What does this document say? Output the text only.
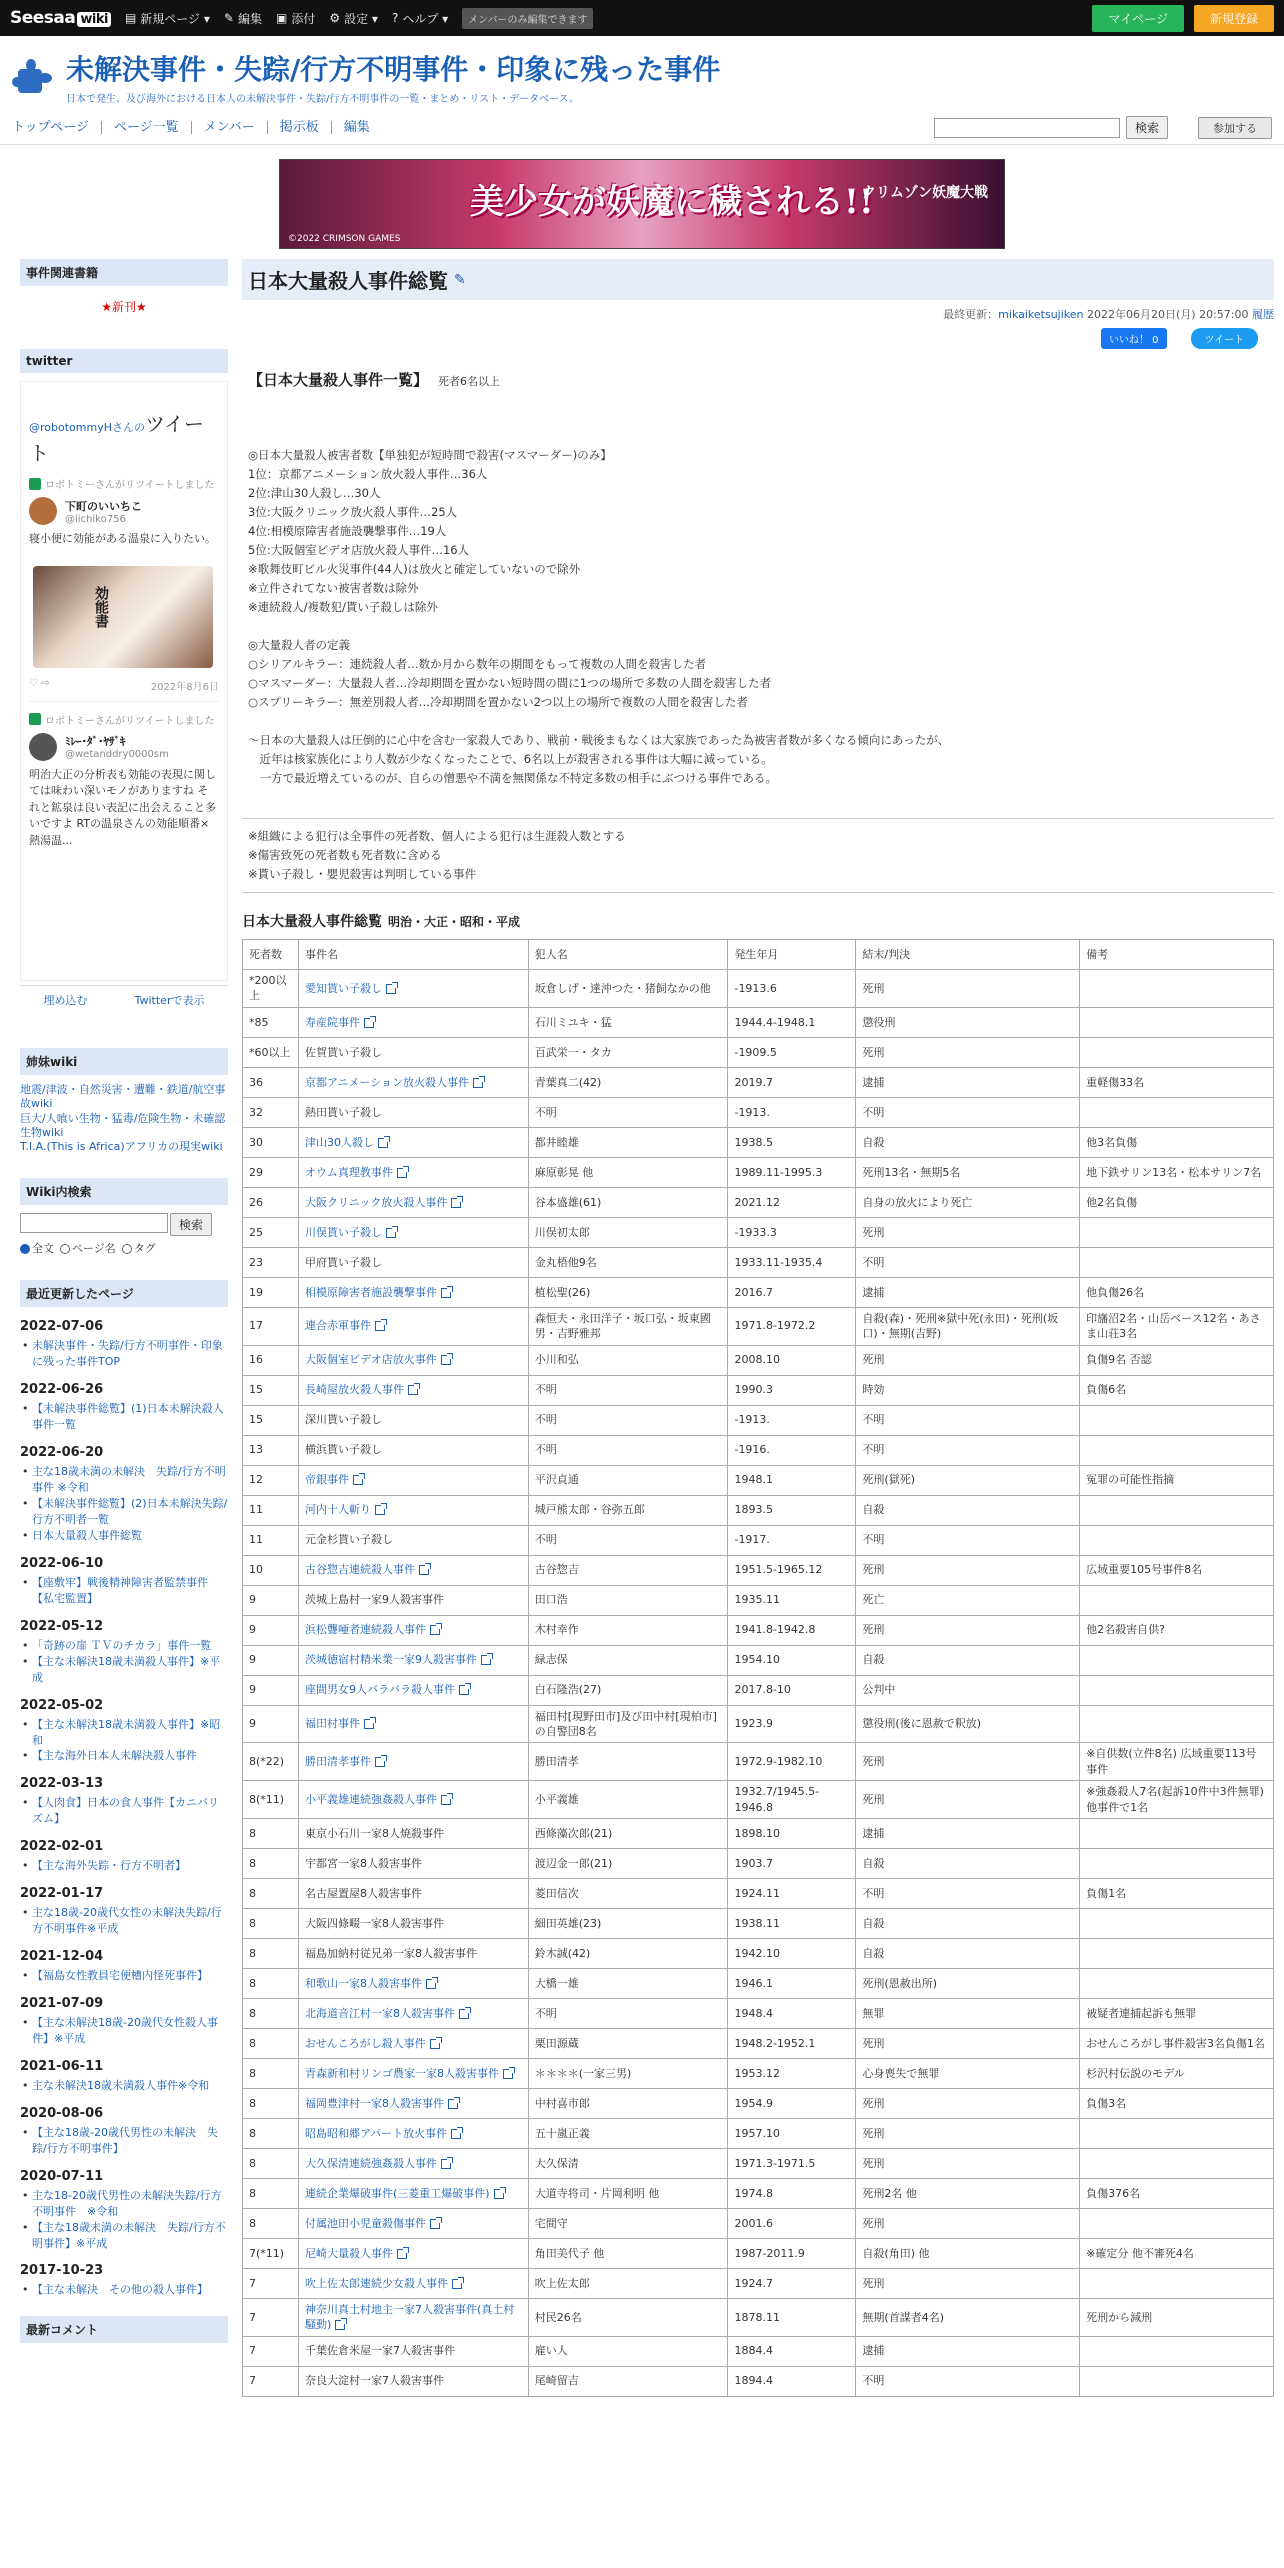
Seesaa wiki ▤ 新規ページ ▾ ✎ 編集 ▣ 添付 ⚙ 設定 ▾ ? ヘルプ ▾	メンバーのみ編集できます	マイページ	新規登録
未解決事件・失踪/行方不明事件・印象に残った事件
日本で発生、及び海外における日本人の未解決事件・失踪/行方不明事件の一覧・まとめ・リスト・データベース。
トップページ	ページ一覧	メンバー	掲示板	編集	検索	参加する
美少女が妖魔に穢される!!
クリムゾン妖魔大戦
©2022 CRIMSON GAMES
事件関連書籍
★新刊★
twitter
@robotommyHさんのツイート
ロボトミーさんがリツイートしました
下町のいいちこ
@iichiko756
寝小便に効能がある温泉に入りたい。
効能書
♡ ⇨	2022年8月6日
ロボトミーさんがリツイートしました
ﾐﾚｰ･ﾀﾞ･ﾔｻﾞｷ
@wetanddry0000sm
明治大正の分析表も効能の表現に関しては味わい深いモノがありますね それと鉱泉は良い表記に出会えること多いですよ RTの温泉さんの効能順番×熱湯温...
埋め込む	Twitterで表示
姉妹wiki
地震/津波・自然災害・遭難・鉄道/航空事故wiki
巨大/人喰い生物・猛毒/危険生物・未確認生物wiki
T.I.A.(This is Africa)アフリカの現実wiki
Wiki内検索
検索
全文	ページ名	タグ
最近更新したページ
2022-07-06
• 未解決事件・失踪/行方不明事件・印象に残った事件TOP
2022-06-26
• 【未解決事件総覧】(1)日本未解決殺人事件一覧
2022-06-20
• 主な18歳未満の未解決　失踪/行方不明事件 ※令和
• 【未解決事件総覧】(2)日本未解決失踪/行方不明者一覧
• 日本大量殺人事件総覧
2022-06-10
• 【座敷牢】戦後精神障害者監禁事件【私宅監置】
2022-05-12
• 「奇跡の扉 ＴＶのチカラ」事件一覧
• 【主な未解決18歳未満殺人事件】※平成
2022-05-02
• 【主な未解決18歳未満殺人事件】※昭和
• 【主な海外日本人未解決殺人事件
2022-03-13
• 【人肉食】日本の食人事件【カニバリズム】
2022-02-01
• 【主な海外失踪・行方不明者】
2022-01-17
• 主な18歳-20歳代女性の未解決失踪/行方不明事件※平成
2021-12-04
• 【福島女性教員宅便槽内怪死事件】
2021-07-09
• 【主な未解決18歳-20歳代女性殺人事件】※平成
2021-06-11
• 主な未解決18歳未満殺人事件※令和
2020-08-06
• 【主な18歳-20歳代男性の未解決　失踪/行方不明事件】
2020-07-11
• 主な18-20歳代男性の未解決失踪/行方不明事件　※令和
• 【主な18歳未満の未解決　失踪/行方不明事件】※平成
2017-10-23
• 【主な未解決　その他の殺人事件】
最新コメント
日本大量殺人事件総覧 ✎
最終更新：mikaiketsujiken 2022年06月20日(月) 20:57:00 履歴
いいね！ 0	ツイート
【日本大量殺人事件一覧】 死者6名以上
◎日本大量殺人被害者数【単独犯が短時間で殺害(マスマーダー)のみ】
1位：京都アニメーション放火殺人事件…36人
2位:津山30人殺し…30人
3位:大阪クリニック放火殺人事件…25人
4位:相模原障害者施設襲撃事件…19人
5位:大阪個室ビデオ店放火殺人事件…16人
※歌舞伎町ビル火災事件(44人)は放火と確定していないので除外
※立件されてない被害者数は除外
※連続殺人/複数犯/貰い子殺しは除外
◎大量殺人者の定義
○シリアルキラー：連続殺人者…数か月から数年の期間をもって複数の人間を殺害した者
○マスマーダー：大量殺人者…冷却期間を置かない短時間の間に1つの場所で多数の人間を殺害した者
○スプリーキラー：無差別殺人者…冷却期間を置かない2つ以上の場所で複数の人間を殺害した者
～日本の大量殺人は圧倒的に心中を含む一家殺人であり、戦前・戦後まもなくは大家族であった為被害者数が多くなる傾向にあったが、
　近年は核家族化により人数が少なくなったことで、6名以上が殺害される事件は大幅に減っている。
　一方で最近増えているのが、自らの憎悪や不満を無関係な不特定多数の相手にぶつける事件である。
※組織による犯行は全事件の死者数、個人による犯行は生涯殺人数とする
※傷害致死の死者数も死者数に含める
※貰い子殺し・嬰児殺害は判明している事件
日本大量殺人事件総覧 明治・大正・昭和・平成
死者数	事件名	犯人名	発生年月	結末/判決	備考
*200以上	愛知貰い子殺し	坂倉しげ・達沖つた・猪飼なかの他	-1913.6	死刑	
*85	寿産院事件	石川ミユキ・猛	1944.4-1948.1	懲役刑	
*60以上	佐賀貰い子殺し	百武栄一・タカ	-1909.5	死刑	
36	京都アニメーション放火殺人事件	青葉真二(42)	2019.7	逮捕	重軽傷33名
32	熱田貰い子殺し	不明	-1913.	不明	
30	津山30人殺し	都井睦雄	1938.5	自殺	他3名負傷
29	オウム真理教事件	麻原彰晃 他	1989.11-1995.3	死刑13名・無期5名	地下鉄サリン13名・松本サリン7名
26	大阪クリニック放火殺人事件	谷本盛雄(61)	2021.12	自身の放火により死亡	他2名負傷
25	川俣貰い子殺し	川俣初太郎	-1933.3	死刑	
23	甲府貰い子殺し	金丸梧他9名	1933.11-1935.4	不明	
19	相模原障害者施設襲撃事件	植松聖(26)	2016.7	逮捕	他負傷26名
17	連合赤軍事件	森恒夫・永田洋子・坂口弘・坂東國男・吉野雅邦	1971.8-1972.2	自殺(森)・死刑※獄中死(永田)・死刑(坂口)・無期(吉野)	印旛沼2名・山岳ベース12名・あさま山荘3名
16	大阪個室ビデオ店放火事件	小川和弘	2008.10	死刑	負傷9名 否認
15	長崎屋放火殺人事件	不明	1990.3	時効	負傷6名
15	深川貰い子殺し	不明	-1913.	不明	
13	横浜貰い子殺し	不明	-1916.	不明	
12	帝銀事件	平沢貞通	1948.1	死刑(獄死)	冤罪の可能性指摘
11	河内十人斬り	城戸熊太郎・谷弥五郎	1893.5	自殺	
11	元金杉貰い子殺し	不明	-1917.	不明	
10	古谷惣吉連続殺人事件	古谷惣吉	1951.5-1965.12	死刑	広域重要105号事件8名
9	茨城上島村一家9人殺害事件	田口浩	1935.11	死亡	
9	浜松聾唖者連続殺人事件	木村幸作	1941.8-1942.8	死刑	他2名殺害自供?
9	茨城徳宿村精米業一家9人殺害事件	緑志保	1954.10	自殺	
9	座間男女9人バラバラ殺人事件	白石隆浩(27)	2017.8-10	公判中	
9	福田村事件	福田村[現野田市]及び田中村[現柏市]の自警団8名	1923.9	懲役刑(後に恩赦で釈放)	
8(*22)	勝田清孝事件	勝田清孝	1972.9-1982.10	死刑	※自供数(立件8名) 広域重要113号事件
8(*11)	小平義雄連続強姦殺人事件	小平義雄	1932.7/1945.5-1946.8	死刑	※強姦殺人7名(起訴10件中3件無罪)他事件で1名
8	東京小石川一家8人焼殺事件	西條藻次郎(21)	1898.10	逮捕	
8	宇都宮一家8人殺害事件	渡辺金一郎(21)	1903.7	自殺	
8	名古屋置屋8人殺害事件	菱田信次	1924.11	不明	負傷1名
8	大阪四條畷一家8人殺害事件	細田英雄(23)	1938.11	自殺	
8	福島加納村従兄弟一家8人殺害事件	鈴木誠(42)	1942.10	自殺	
8	和歌山一家8人殺害事件	大橋一雄	1946.1	死刑(恩赦出所)	
8	北海道音江村一家8人殺害事件	不明	1948.4	無罪	被疑者連捕起訴も無罪
8	おせんころがし殺人事件	栗田源蔵	1948.2-1952.1	死刑	おせんころがし事件殺害3名負傷1名
8	青森新和村リンゴ農家一家8人殺害事件	＊＊＊＊(一家三男)	1953.12	心身喪失で無罪	杉沢村伝説のモデル
8	福岡豊津村一家8人殺害事件	中村喜市郎	1954.9	死刑	負傷3名
8	昭島昭和郷アパート放火事件	五十嵐正義	1957.10	死刑	
8	大久保清連続強姦殺人事件	大久保清	1971.3-1971.5	死刑	
8	連続企業爆破事件(三菱重工爆破事件)	大道寺将司・片岡利明 他	1974.8	死刑2名 他	負傷376名
8	付属池田小児童殺傷事件	宅間守	2001.6	死刑	
7(*11)	尼崎大量殺人事件	角田美代子 他	1987-2011.9	自殺(角田) 他	※確定分 他不審死4名
7	吹上佐太郎連続少女殺人事件	吹上佐太郎	1924.7	死刑	
7	神奈川真土村地主一家7人殺害事件(真土村騒動)	村民26名	1878.11	無期(首謀者4名)	死刑から減刑
7	千葉佐倉米屋一家7人殺害事件	雇い人	1884.4	逮捕	
7	奈良大淀村一家7人殺害事件	尾崎留吉	1894.4	不明	
